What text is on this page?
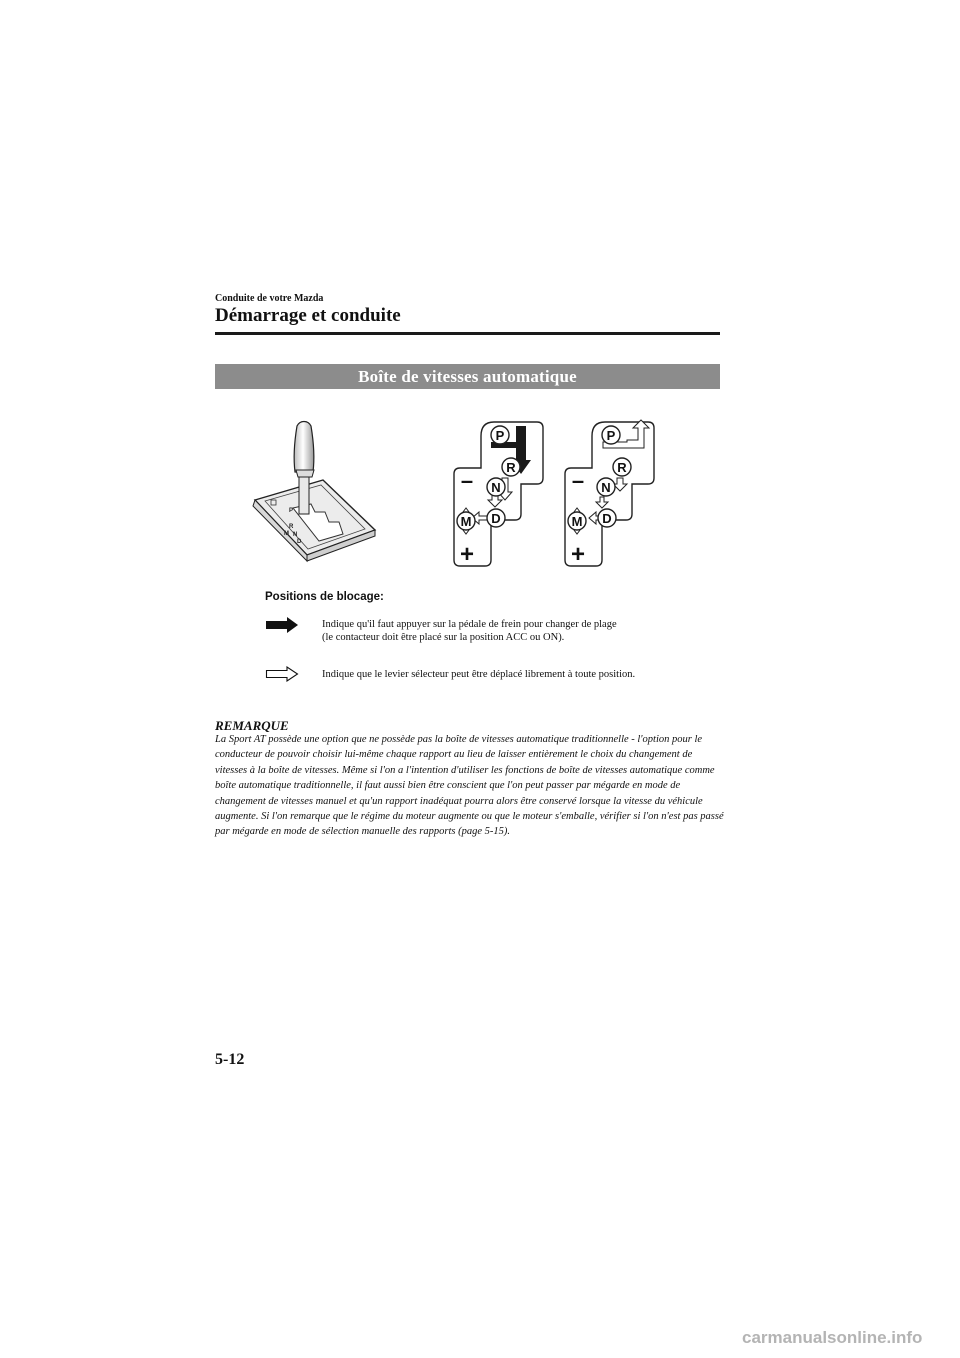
Conduite de votre Mazda
Démarrage et conduite
Boîte de vitesses automatique
P
R
N
D
M
P
R
N
D
M
–
+
P
R
N
D
M
–
+
Positions de blocage:
Indique qu'il faut appuyer sur la pédale de frein pour changer de plage
(le contacteur doit être placé sur la position ACC ou ON).
Indique que le levier sélecteur peut être déplacé librement à toute position.
REMARQUE
La Sport AT possède une option que ne possède pas la boîte de vitesses automatique traditionnelle - l'option pour le conducteur de pouvoir choisir lui-même chaque rapport au lieu de laisser entièrement le choix du changement de vitesses à la boîte de vitesses. Même si l'on a l'intention d'utiliser les fonctions de boîte de vitesses automatique comme boîte automatique traditionnelle, il faut aussi bien être conscient que l'on peut passer par mégarde en mode de changement de vitesses manuel et qu'un rapport inadéquat pourra alors être conservé lorsque la vitesse du véhicule augmente. Si l'on remarque que le régime du moteur augmente ou que le moteur s'emballe, vérifier si l'on n'est pas passé par mégarde en mode de sélection manuelle des rapports (page 5-15).
5-12
carmanualsonline.info
